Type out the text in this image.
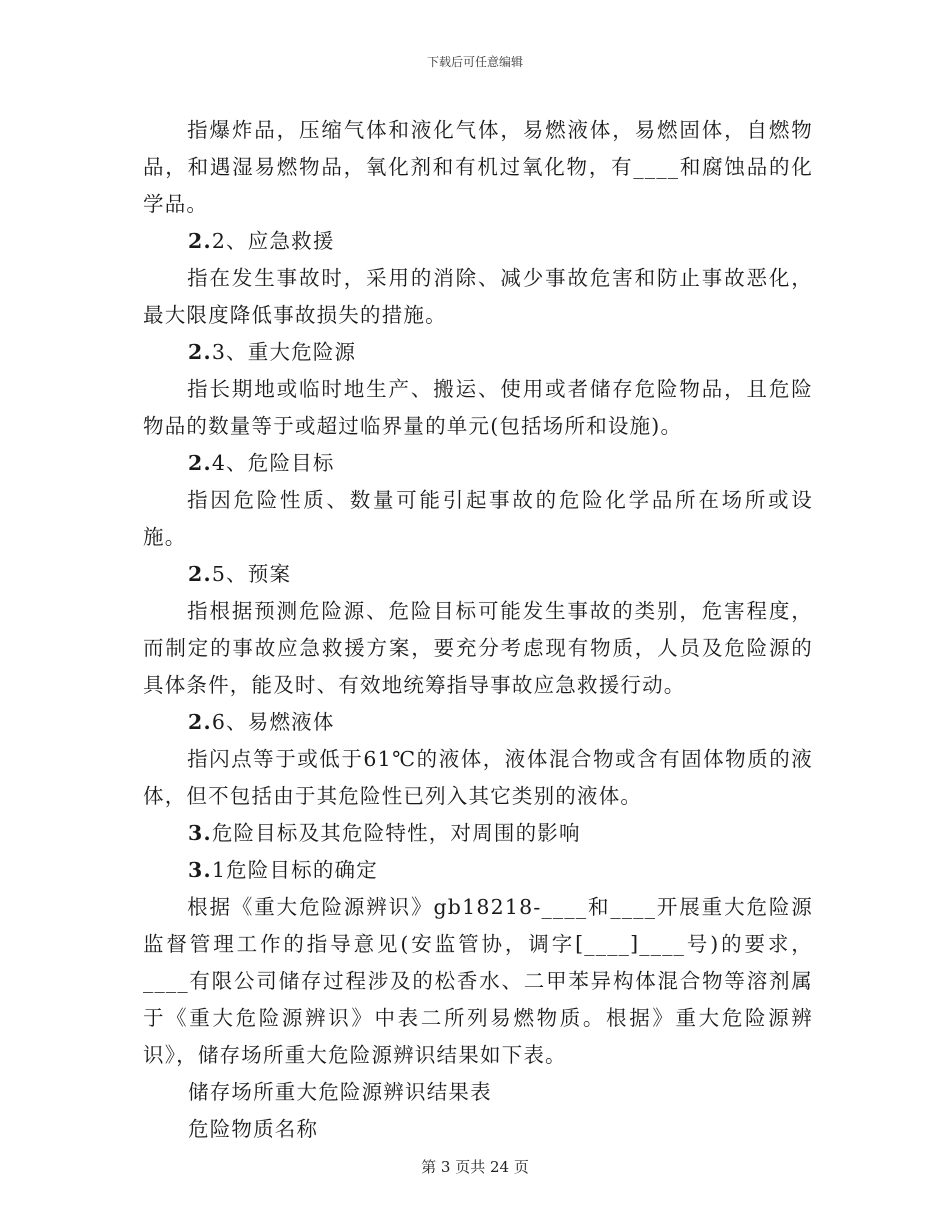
下载后可任意编辑

指爆炸品，压缩气体和液化气体，易燃液体，易燃固体，自燃物品，和遇湿易燃物品，氧化剂和有机过氧化物，有____和腐蚀品的化学品。

2.2、应急救援

指在发生事故时，采用的消除、减少事故危害和防止事故恶化，最大限度降低事故损失的措施。

2.3、重大危险源

指长期地或临时地生产、搬运、使用或者储存危险物品，且危险物品的数量等于或超过临界量的单元(包括场所和设施)。

2.4、危险目标

指因危险性质、数量可能引起事故的危险化学品所在场所或设施。

2.5、预案

指根据预测危险源、危险目标可能发生事故的类别，危害程度，而制定的事故应急救援方案，要充分考虑现有物质，人员及危险源的具体条件，能及时、有效地统筹指导事故应急救援行动。

2.6、易燃液体

指闪点等于或低于61℃的液体，液体混合物或含有固体物质的液体，但不包括由于其危险性已列入其它类别的液体。

3.危险目标及其危险特性，对周围的影响

3.1危险目标的确定

根据《重大危险源辨识》gb18218-____和____开展重大危险源监督管理工作的指导意见(安监管协，调字[____]____号)的要求，____有限公司储存过程涉及的松香水、二甲苯异构体混合物等溶剂属于《重大危险源辨识》中表二所列易燃物质。根据》重大危险源辨识》，储存场所重大危险源辨识结果如下表。

储存场所重大危险源辨识结果表

危险物质名称

第 3 页共 24 页
